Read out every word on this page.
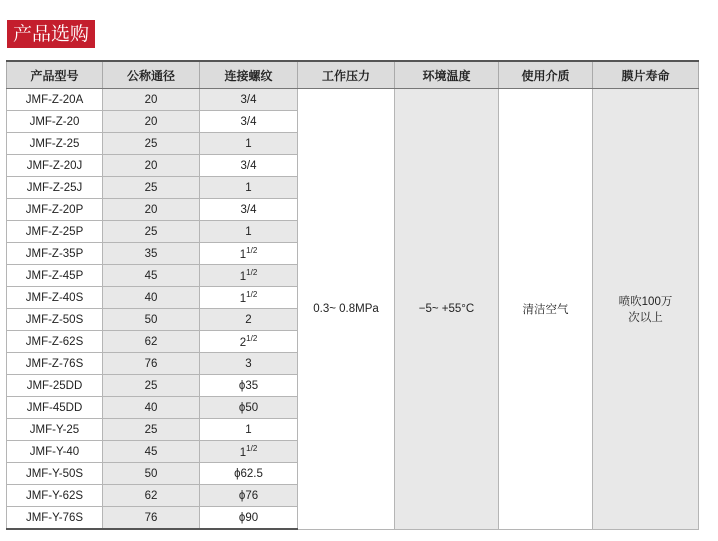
产品选购
产品型号	公称通径	连接螺纹	工作压力	环境温度	使用介质	膜片寿命
JMF-Z-20A	20	3/4	0.3~ 0.8MPa	−5~ +55°C	清洁空气	喷吹100万
次以上

JMF-Z-20	20	3/4				
JMF-Z-25	25	1				
JMF-Z-20J	20	3/4				
JMF-Z-25J	25	1				
JMF-Z-20P	20	3/4				
JMF-Z-25P	25	1				
JMF-Z-35P	35	$1^{1/2}$
JMF-Z-45P	45	$1^{1/2}$
JMF-Z-40S	40	$1^{1/2}$
JMF-Z-50S	50	2				
JMF-Z-62S	62	$2^{1/2}$
JMF-Z-76S	76	3				
JMF-25DD	25	ϕ35				
JMF-45DD	40	ϕ50				
JMF-Y-25	25	1				
JMF-Y-40	45	$1^{1/2}$
JMF-Y-50S	50	ϕ62.5				
JMF-Y-62S	62	ϕ76				
JMF-Y-76S	76	ϕ90				
